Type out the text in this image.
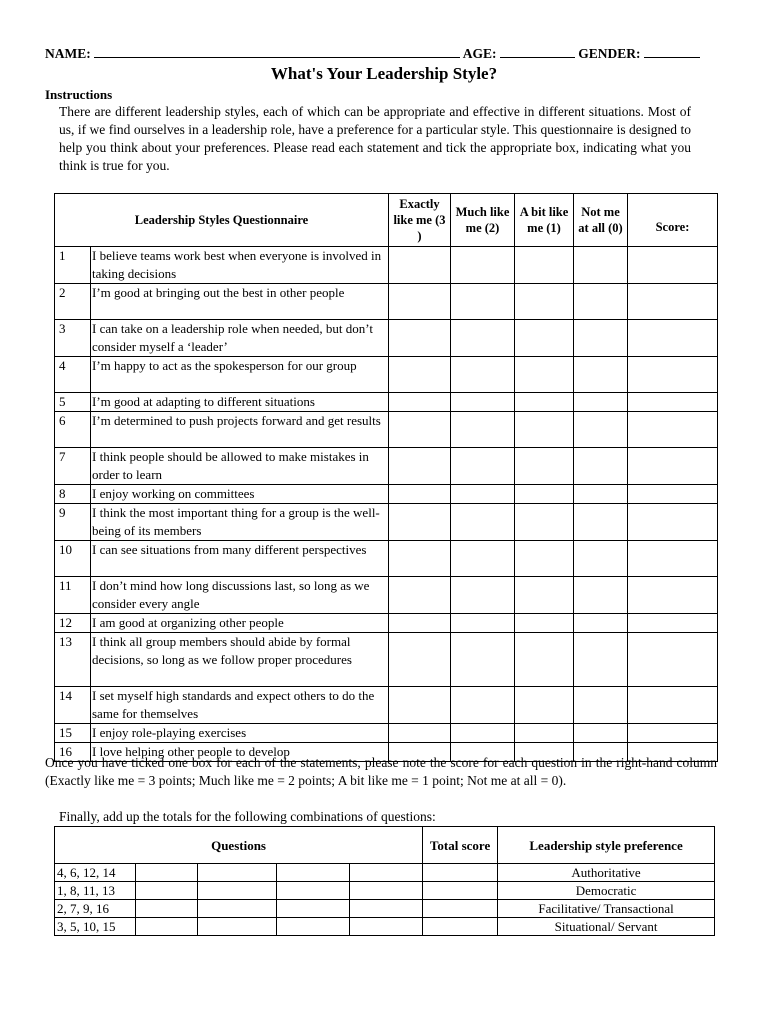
NAME:	AGE:	GENDER:
What's Your Leadership Style?
Instructions
There are different leadership styles, each of which can be appropriate and effective in different situations. Most of us, if we find ourselves in a leadership role, have a preference for a particular style. This questionnaire is designed to help you think about your preferences. Please read each statement and tick the appropriate box, indicating what you think is true for you.
Leadership Styles Questionnaire		Exactly like me (3 )	Much like me (2)	A bit like me (1)	Not me at all (0)	Score:
1	I believe teams work best when everyone is involved in taking decisions					
2	I’m good at bringing out the best in other people					
3	I can take on a leadership role when needed, but don’t consider myself a ‘leader’					
4	I’m happy to act as the spokesperson for our group					
5	I’m good at adapting to different situations					
6	I’m determined to push projects forward and get results					
7	I think people should be allowed to make mistakes in order to learn					
8	I enjoy working on committees					
9	I think the most important thing for a group is the well- being of its members					
10	I can see situations from many different perspectives					
11	I don’t mind how long discussions last, so long as we consider every angle					
12	I am good at organizing other people					
13	I think all group members should abide by formal decisions, so long as we follow proper procedures					
14	I set myself high standards and expect others to do the same for themselves					
15	I enjoy role-playing exercises					
16	I love helping other people to develop					
Once you have ticked one box for each of the statements, please note the score for each question in the right-hand column (Exactly like me = 3 points; Much like me = 2 points; A bit like me = 1 point; Not me at all = 0).
Finally, add up the totals for the following combinations of questions:
Questions					Total score	Leadership style preference
4, 6, 12, 14						Authoritative
1, 8, 11, 13						Democratic
2, 7, 9, 16						Facilitative/ Transactional
3, 5, 10, 15						Situational/ Servant
